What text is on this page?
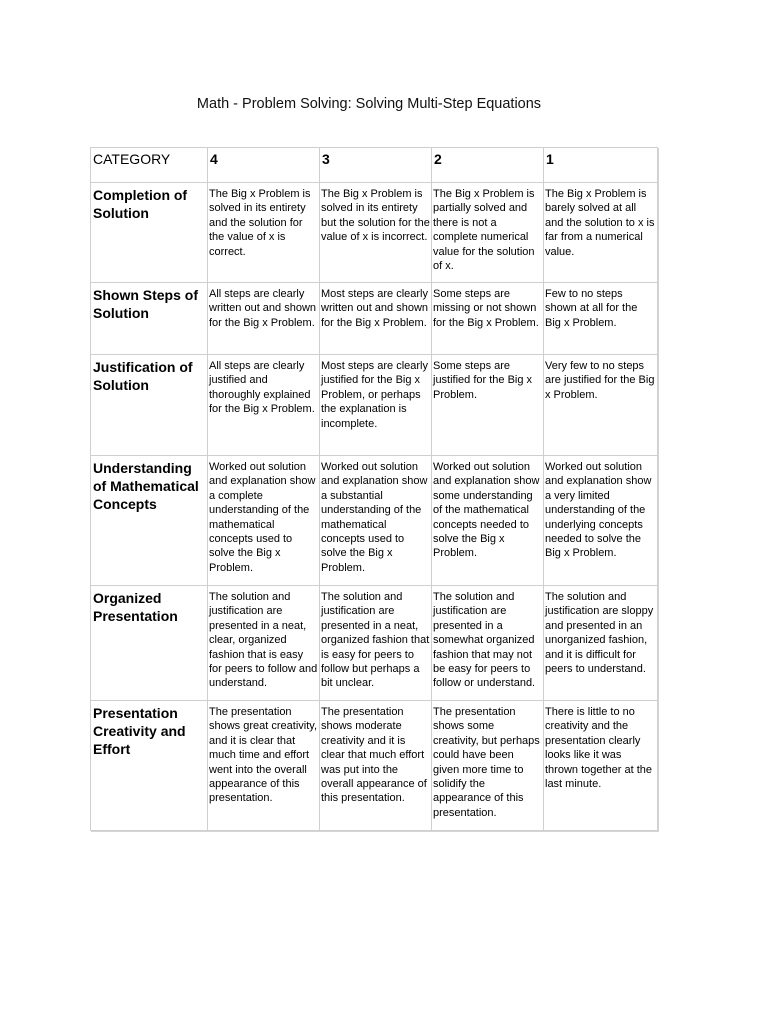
Math - Problem Solving: Solving Multi-Step Equations
CATEGORY	4	3	2	1
Completion of Solution	The Big x Problem is solved in its entirety and the solution for the value of x is correct.	The Big x Problem is solved in its entirety but the solution for the value of x is incorrect.	The Big x Problem is partially solved and there is not a complete numerical value for the solution of x.	The Big x Problem is barely solved at all and the solution to x is far from a numerical value.
Shown Steps of Solution	All steps are clearly written out and shown for the Big x Problem.	Most steps are clearly written out and shown for the Big x Problem.	Some steps are missing or not shown for the Big x Problem.	Few to no steps shown at all for the Big x Problem.
Justification of Solution	All steps are clearly justified and thoroughly explained for the Big x Problem.	Most steps are clearly justified for the Big x Problem, or perhaps the explanation is incomplete.	Some steps are justified for the Big x Problem.	Very few to no steps are justified for the Big x Problem.
Understanding of Mathematical Concepts	Worked out solution and explanation show a complete understanding of the mathematical concepts used to solve the Big x Problem.	Worked out solution and explanation show a substantial understanding of the mathematical concepts used to solve the Big x Problem.	Worked out solution and explanation show some understanding of the mathematical concepts needed to solve the Big x Problem.	Worked out solution and explanation show a very limited understanding of the underlying concepts needed to solve the Big x Problem.
Organized Presentation	The solution and justification are presented in a neat, clear, organized fashion that is easy for peers to follow and understand.	The solution and justification are presented in a neat, organized fashion that is easy for peers to follow but perhaps a bit unclear.	The solution and justification are presented in a somewhat organized fashion that may not be easy for peers to follow or understand.	The solution and justification are sloppy and presented in an unorganized fashion, and it is difficult for peers to understand.
Presentation Creativity and Effort	The presentation shows great creativity, and it is clear that much time and effort went into the overall appearance of this presentation.	The presentation shows moderate creativity and it is clear that much effort was put into the overall appearance of this presentation.	The presentation shows some creativity, but perhaps could have been given more time to solidify the appearance of this presentation.	There is little to no creativity and the presentation clearly looks like it was thrown together at the last minute.
